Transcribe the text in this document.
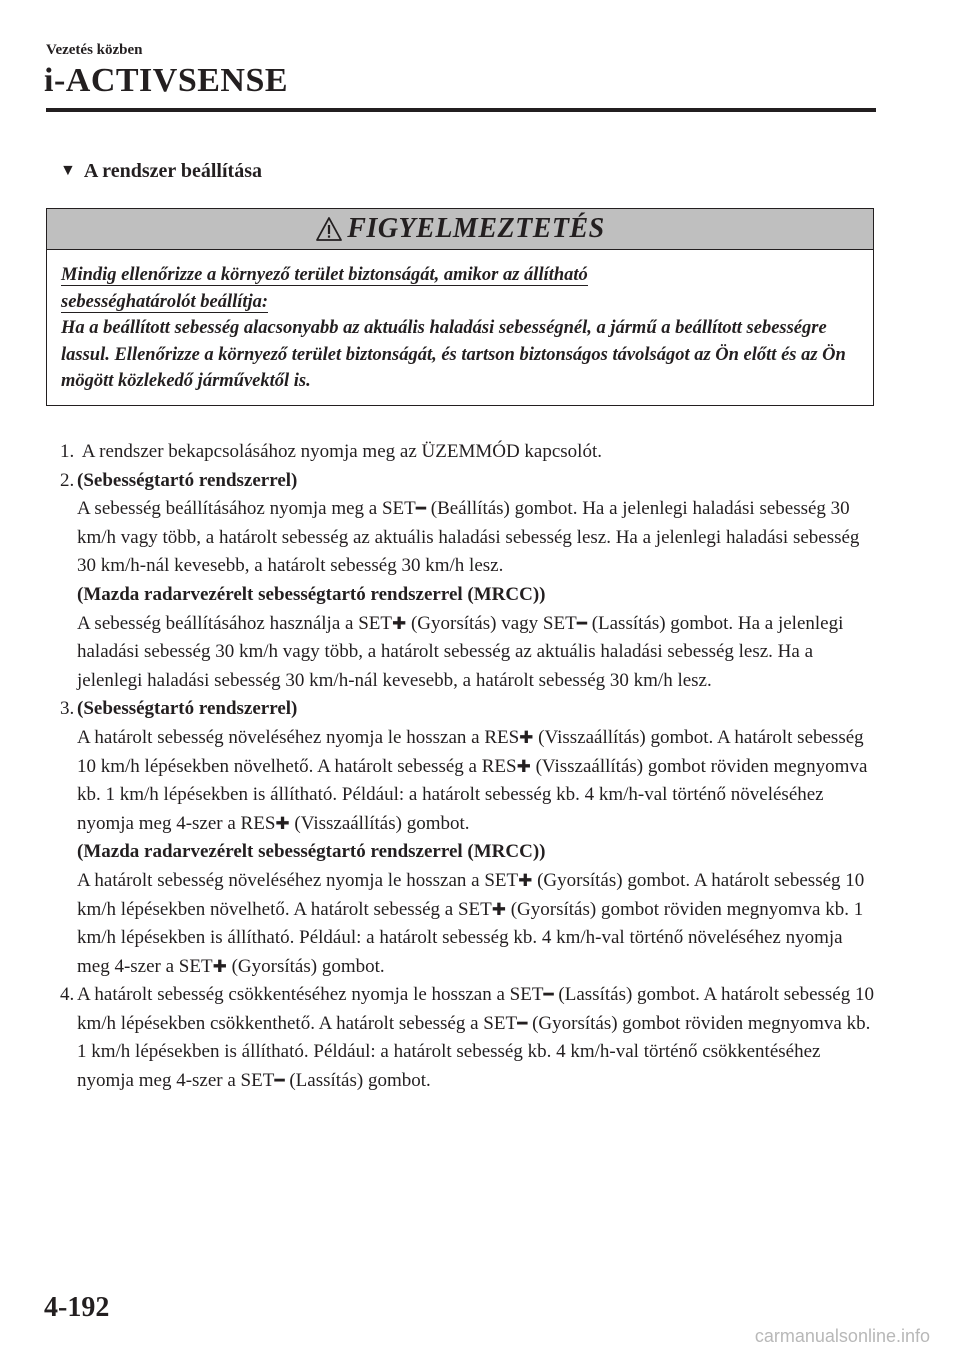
Vezetés közben
i-ACTIVSENSE
▼ A rendszer beállítása
FIGYELMEZTETÉS
Mindig ellenőrizze a környező terület biztonságát, amikor az állítható
sebességhatárolót beállítja:
Ha a beállított sebesség alacsonyabb az aktuális haladási sebességnél, a jármű a beállított sebességre lassul. Ellenőrizze a környező terület biztonságát, és tartson biztonságos távolságot az Ön előtt és az Ön mögött közlekedő járművektől is.
1. A rendszer bekapcsolásához nyomja meg az ÜZEMMÓD kapcsolót.
2. (Sebességtartó rendszerrel)
A sebesség beállításához nyomja meg a SET━ (Beállítás) gombot. Ha a jelenlegi haladási sebesség 30 km/h vagy több, a határolt sebesség az aktuális haladási sebesség lesz. Ha a jelenlegi haladási sebesség 30 km/h-nál kevesebb, a határolt sebesség 30 km/h lesz.
(Mazda radarvezérelt sebességtartó rendszerrel (MRCC))
A sebesség beállításához használja a SET✚ (Gyorsítás) vagy SET━ (Lassítás) gombot. Ha a jelenlegi haladási sebesség 30 km/h vagy több, a határolt sebesség az aktuális haladási sebesség lesz. Ha a jelenlegi haladási sebesség 30 km/h-nál kevesebb, a határolt sebesség 30 km/h lesz.
3. (Sebességtartó rendszerrel)
A határolt sebesség növeléséhez nyomja le hosszan a RES✚ (Visszaállítás) gombot. A határolt sebesség 10 km/h lépésekben növelhető. A határolt sebesség a RES✚ (Visszaállítás) gombot röviden megnyomva kb. 1 km/h lépésekben is állítható. Például: a határolt sebesség kb. 4 km/h-val történő növeléséhez nyomja meg 4-szer a RES✚ (Visszaállítás) gombot.
(Mazda radarvezérelt sebességtartó rendszerrel (MRCC))
A határolt sebesség növeléséhez nyomja le hosszan a SET✚ (Gyorsítás) gombot. A határolt sebesség 10 km/h lépésekben növelhető. A határolt sebesség a SET✚ (Gyorsítás) gombot röviden megnyomva kb. 1 km/h lépésekben is állítható. Például: a határolt sebesség kb. 4 km/h-val történő növeléséhez nyomja meg 4-szer a SET✚ (Gyorsítás) gombot.
4. A határolt sebesség csökkentéséhez nyomja le hosszan a SET━ (Lassítás) gombot. A határolt sebesség 10 km/h lépésekben csökkenthető. A határolt sebesség a SET━ (Gyorsítás) gombot röviden megnyomva kb. 1 km/h lépésekben is állítható. Például: a határolt sebesség kb. 4 km/h-val történő csökkentéséhez nyomja meg 4-szer a SET━ (Lassítás) gombot.
4-192
carmanualsonline.info
